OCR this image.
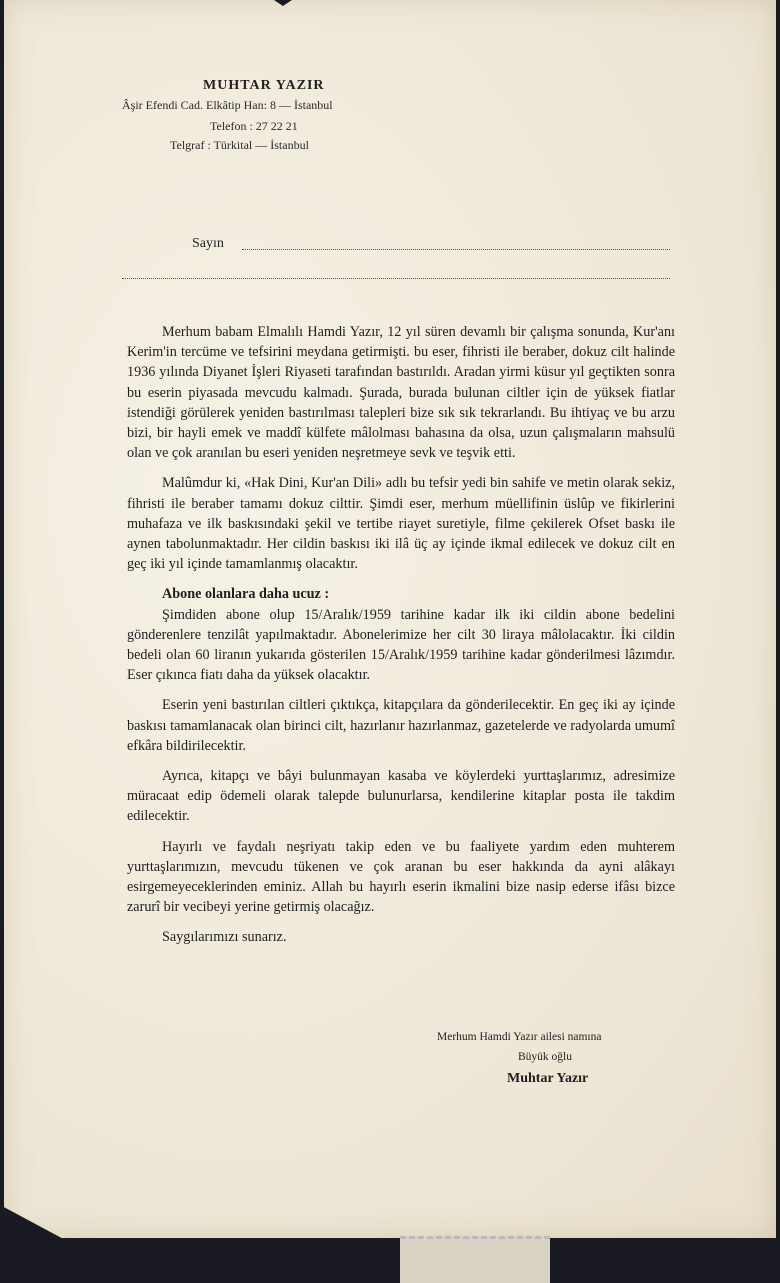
MUHTAR YAZIR
Âşir Efendi Cad. Elkâtip Han: 8 — İstanbul
Telefon : 27 22 21
Telgraf : Türkital — İstanbul
Sayın

Merhum babam Elmalılı Hamdi Yazır, 12 yıl süren devamlı bir çalışma sonunda, Kur'anı Kerim'in tercüme ve tefsirini meydana getirmişti. bu eser, fihristi ile beraber, dokuz cilt halinde 1936 yılında Diyanet İşleri Riyaseti tarafından bastırıldı. Aradan yirmi küsur yıl geçtikten sonra bu eserin piyasada mevcudu kalmadı. Şurada, burada bulunan ciltler için de yüksek fiatlar istendiği görülerek yeniden bastırılması talepleri bize sık sık tekrarlandı. Bu ihtiyaç ve bu arzu bizi, bir hayli emek ve maddî külfete mâlolması bahasına da olsa, uzun çalışmaların mahsulü olan ve çok aranılan bu eseri yeniden neşretmeye sevk ve teşvik etti.

Malûmdur ki, «Hak Dini, Kur'an Dili» adlı bu tefsir yedi bin sahife ve metin olarak sekiz, fihristi ile beraber tamamı dokuz cilttir. Şimdi eser, merhum müellifinin üslûp ve fikirlerini muhafaza ve ilk baskısındaki şekil ve tertibe riayet suretiyle, filme çekilerek Ofset baskı ile aynen tabolunmaktadır. Her cildin baskısı iki ilâ üç ay içinde ikmal edilecek ve dokuz cilt en geç iki yıl içinde tamamlanmış olacaktır.

Abone olanlara daha ucuz :

Şimdiden abone olup 15/Aralık/1959 tarihine kadar ilk iki cildin abone bedelini gönderenlere tenzilât yapılmaktadır. Abonelerimize her cilt 30 liraya mâlolacaktır. İki cildin bedeli olan 60 liranın yukarıda gösterilen 15/Aralık/1959 tarihine kadar gönderilmesi lâzımdır. Eser çıkınca fiatı daha da yüksek olacaktır.

Eserin yeni bastırılan ciltleri çıktıkça, kitapçılara da gönderilecektir. En geç iki ay içinde baskısı tamamlanacak olan birinci cilt, hazırlanır hazırlanmaz, gazetelerde ve radyolarda umumî efkâra bildirilecektir.

Ayrıca, kitapçı ve bâyi bulunmayan kasaba ve köylerdeki yurttaşlarımız, adresimize müracaat edip ödemeli olarak talepde bulunurlarsa, kendilerine kitaplar posta ile takdim edilecektir.

Hayırlı ve faydalı neşriyatı takip eden ve bu faaliyete yardım eden muhterem yurttaşlarımızın, mevcudu tükenen ve çok aranan bu eser hakkında da ayni alâkayı esirgemeyeceklerinden eminiz. Allah bu hayırlı eserin ikmalini bize nasip ederse ifâsı bizce zarurî bir vecibeyi yerine getirmiş olacağız.

Saygılarımızı sunarız.

Merhum Hamdi Yazır ailesi namına
Büyük oğlu
Muhtar Yazır
